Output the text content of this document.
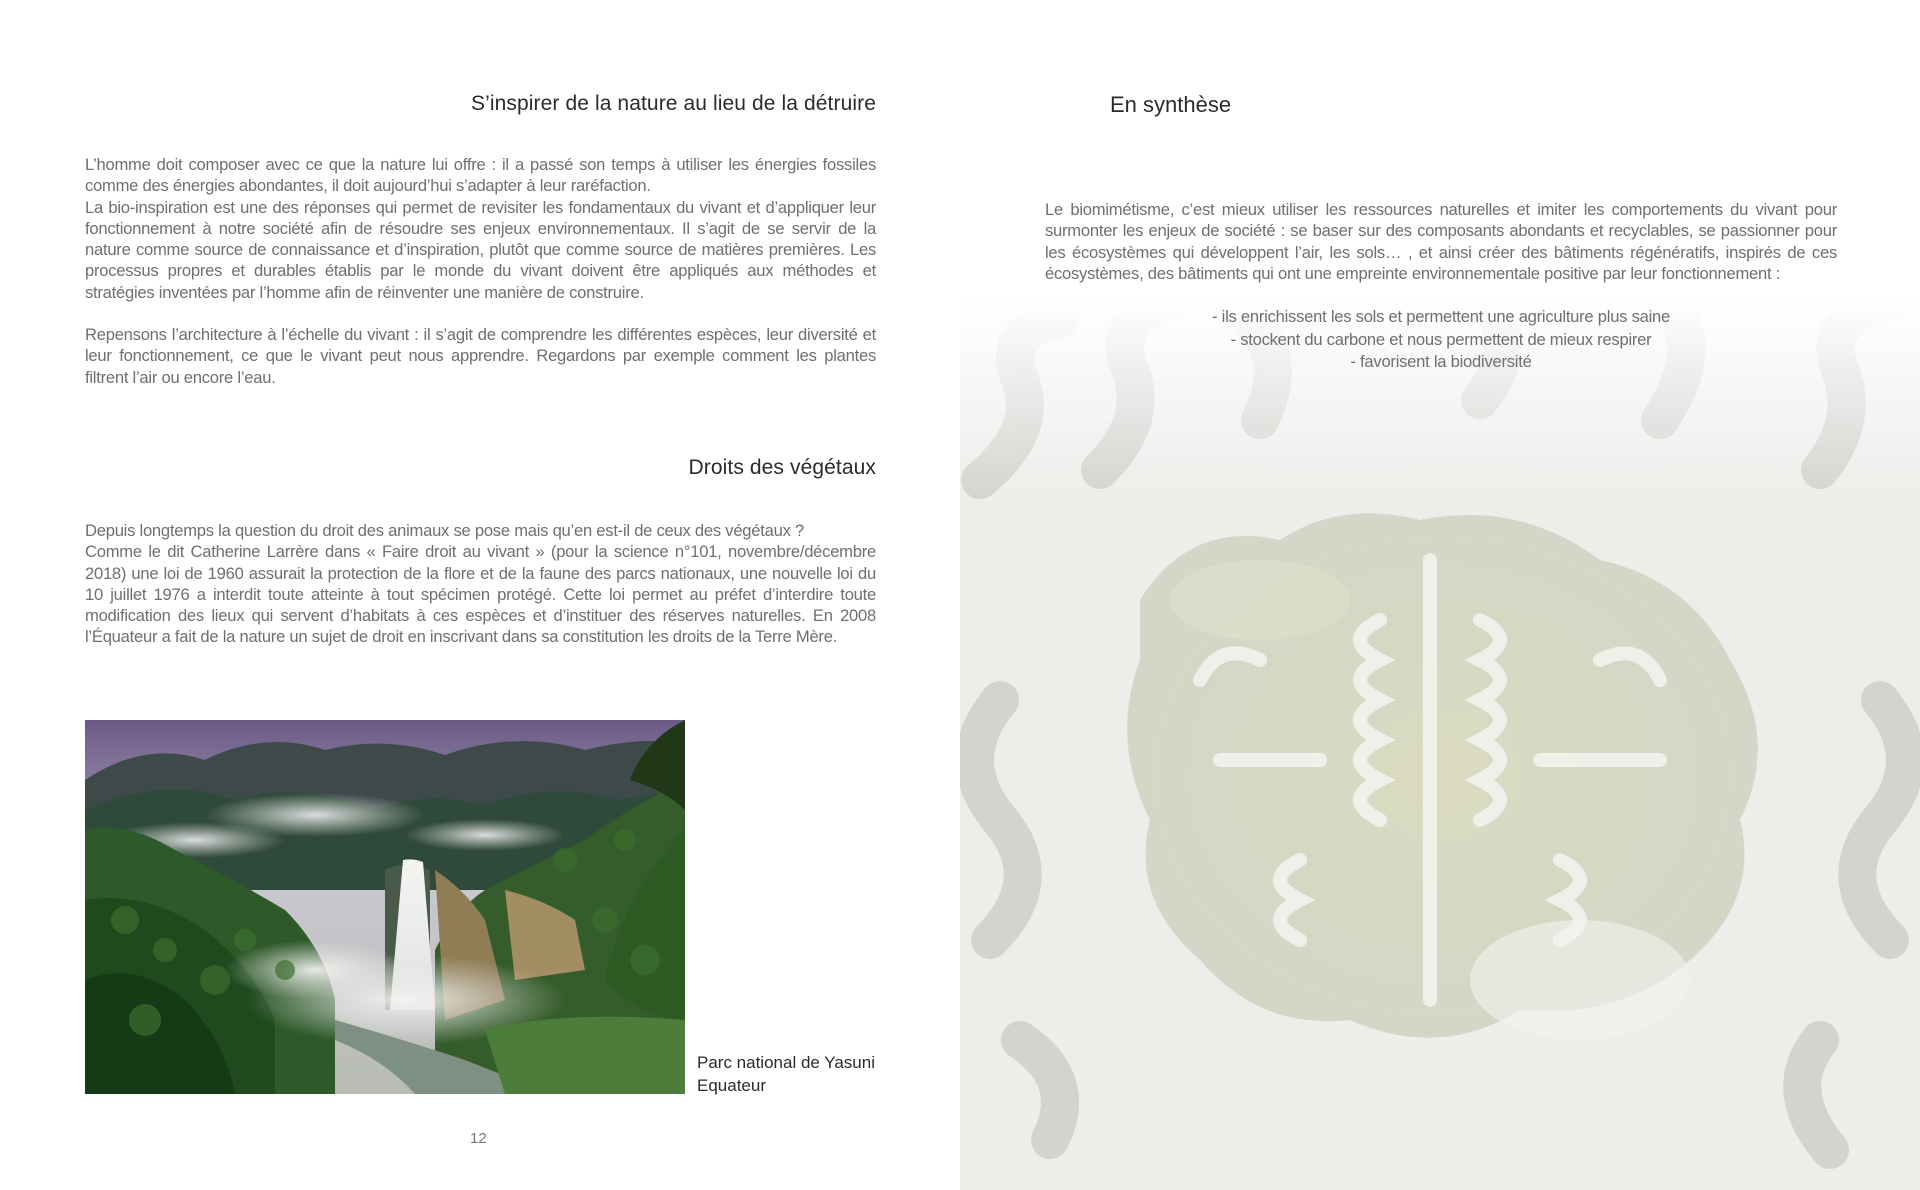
S’inspirer de la nature au lieu de la détruire

L’homme doit composer avec ce que la nature lui offre : il a passé son temps à utiliser les énergies fossiles comme des énergies abondantes, il doit aujourd’hui s’adapter à leur raréfaction.

La bio-inspiration est une des réponses qui permet de revisiter les fondamentaux du vivant et d’appliquer leur fonctionnement à notre société afin de résoudre ses enjeux environnementaux. Il s’agit de se servir de la nature comme source de connaissance et d’inspiration, plutôt que comme source de matières premières. Les processus propres et durables établis par le monde du vivant doivent être appliqués aux méthodes et stratégies inventées par l’homme afin de réinventer une manière de construire.

Repensons l’architecture à l’échelle du vivant : il s’agit de comprendre les différentes espèces, leur diversité et leur fonctionnement, ce que le vivant peut nous apprendre. Regardons par exemple comment les plantes filtrent l’air ou encore l’eau.

Droits des végétaux

Depuis longtemps la question du droit des animaux se pose mais qu’en est-il de ceux des végétaux ?

Comme le dit Catherine Larrère dans « Faire droit au vivant » (pour la science n°101, novembre/décembre 2018) une loi de 1960 assurait la protection de la flore et de la faune des parcs nationaux, une nouvelle loi du 10 juillet 1976 a interdit toute atteinte à tout spécimen protégé. Cette loi permet au préfet d’interdire toute modification des lieux qui servent d’habitats à ces espèces et d’instituer des réserves naturelles. En 2008 l’Équateur a fait de la nature un sujet de droit en inscrivant dans sa constitution les droits de la Terre Mère.

Parc national de Yasuni
Equateur
12
En synthèse

Le biomimétisme, c’est mieux utiliser les ressources naturelles et imiter les comportements du vivant pour surmonter les enjeux de société : se baser sur des composants abondants et recyclables, se passionner pour les écosystèmes qui développent l’air, les sols… , et ainsi créer des bâtiments régénératifs, inspirés de ces écosystèmes, des bâtiments qui ont une empreinte environnementale positive par leur fonctionnement :

- ils enrichissent les sols et permettent une agriculture plus saine
- stockent du carbone et nous permettent de mieux respirer
- favorisent la biodiversité
